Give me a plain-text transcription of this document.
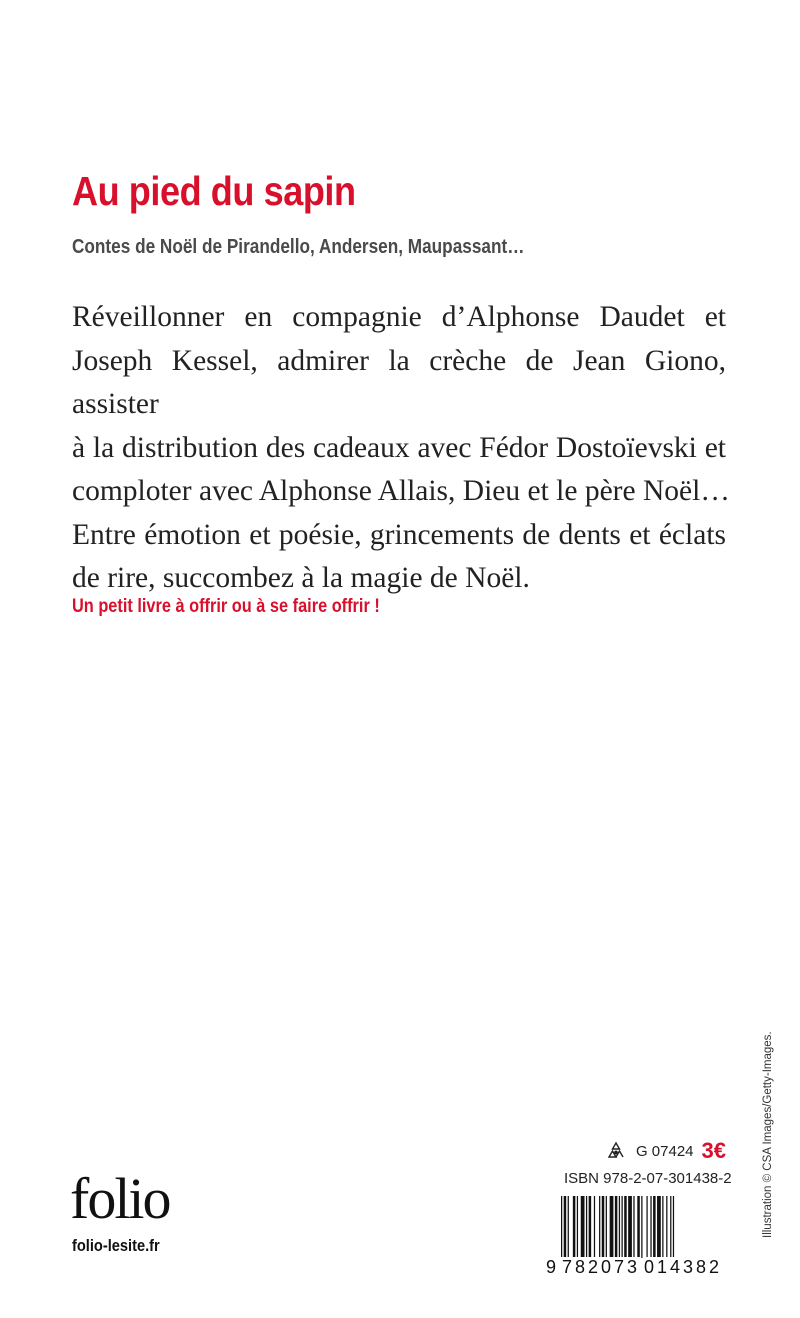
Au pied du sapin
Contes de Noël de Pirandello, Andersen, Maupassant…
Réveillonner en compagnie d’Alphonse Daudet et
Joseph Kessel, admirer la crèche de Jean Giono, assister
à la distribution des cadeaux avec Fédor Dostoïevski et
comploter avec Alphonse Allais, Dieu et le père Noël…
Entre émotion et poésie, grincements de dents et éclats
de rire, succombez à la magie de Noël.
Un petit livre à offrir ou à se faire offrir !
folio
folio-lesite.fr
G 07424 3€
ISBN 978-2-07-301438-2
9 782073 014382
Illustration © CSA Images/Getty-Images.
